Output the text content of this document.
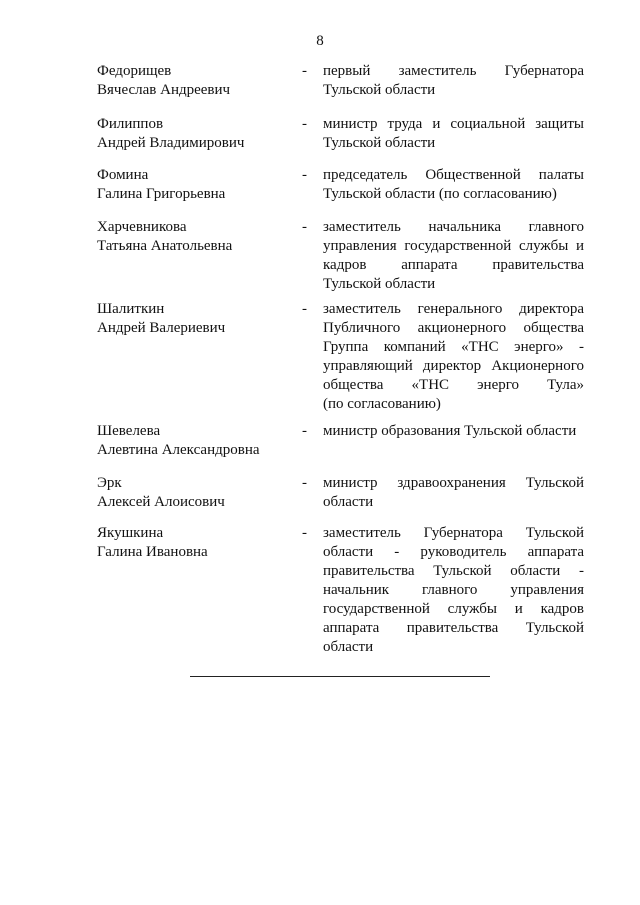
8
Федорищев
Вячеслав Андреевич
- первый заместитель Губернатора
Тульской области
Филиппов
Андрей Владимирович
- министр труда и социальной защиты
Тульской области
Фомина
Галина Григорьевна
- председатель Общественной палаты
Тульской области (по согласованию)
Харчевникова
Татьяна Анатольевна
- заместитель начальника главного
управления государственной службы и
кадров аппарата правительства
Тульской области
Шалиткин
Андрей Валериевич
- заместитель генерального директора
Публичного акционерного общества
Группа компаний «ТНС энерго» -
управляющий директор Акционерного
общества «ТНС энерго Тула»
(по согласованию)
Шевелева
Алевтина Александровна
- министр образования Тульской области
Эрк
Алексей Алоисович
- министр здравоохранения Тульской
области
Якушкина
Галина Ивановна
- заместитель Губернатора Тульской
области - руководитель аппарата
правительства Тульской области -
начальник главного управления
государственной службы и кадров
аппарата правительства Тульской
области
